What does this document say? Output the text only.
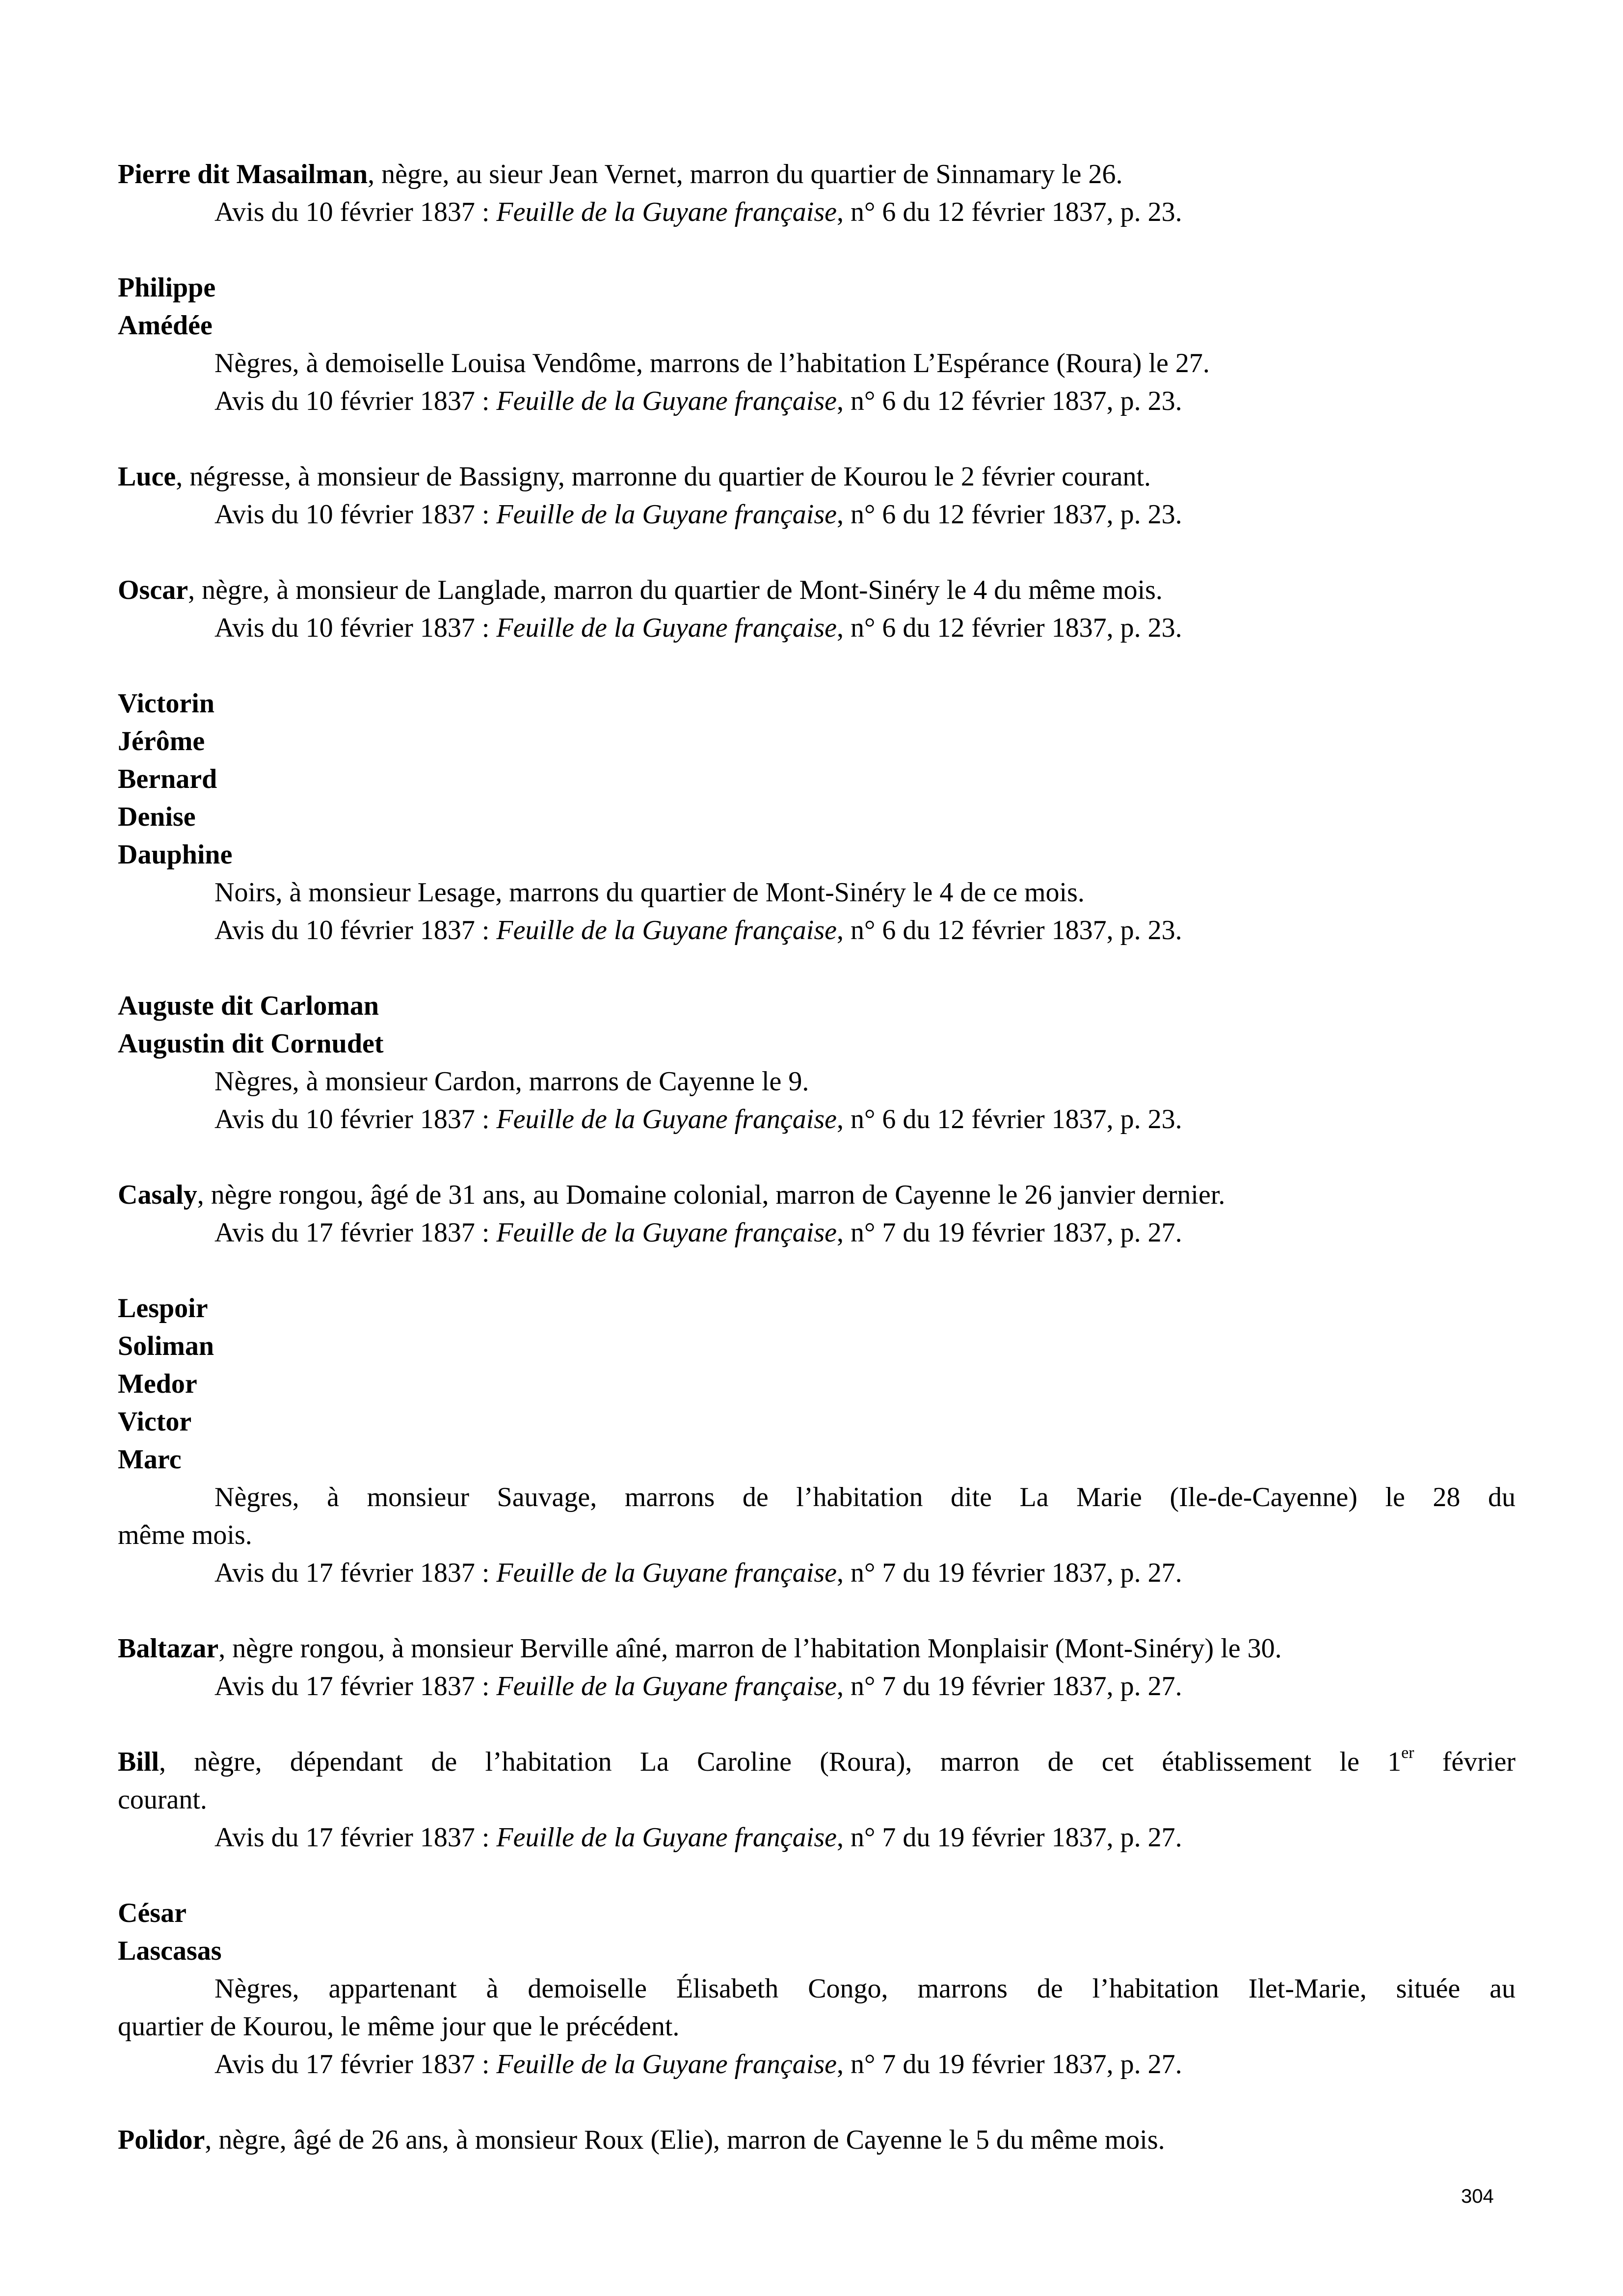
Pierre dit Masailman, nègre, au sieur Jean Vernet, marron du quartier de Sinnamary le 26.
Avis du 10 février 1837 : Feuille de la Guyane française, n° 6 du 12 février 1837, p. 23.
Philippe
Amédée
Nègres, à demoiselle Louisa Vendôme, marrons de l’habitation L’Espérance (Roura) le 27.
Avis du 10 février 1837 : Feuille de la Guyane française, n° 6 du 12 février 1837, p. 23.
Luce, négresse, à monsieur de Bassigny, marronne du quartier de Kourou le 2 février courant.
Avis du 10 février 1837 : Feuille de la Guyane française, n° 6 du 12 février 1837, p. 23.
Oscar, nègre, à monsieur de Langlade, marron du quartier de Mont-Sinéry le 4 du même mois.
Avis du 10 février 1837 : Feuille de la Guyane française, n° 6 du 12 février 1837, p. 23.
Victorin
Jérôme
Bernard
Denise
Dauphine
Noirs, à monsieur Lesage, marrons du quartier de Mont-Sinéry le 4 de ce mois.
Avis du 10 février 1837 : Feuille de la Guyane française, n° 6 du 12 février 1837, p. 23.
Auguste dit Carloman
Augustin dit Cornudet
Nègres, à monsieur Cardon, marrons de Cayenne le 9.
Avis du 10 février 1837 : Feuille de la Guyane française, n° 6 du 12 février 1837, p. 23.
Casaly, nègre rongou, âgé de 31 ans, au Domaine colonial, marron de Cayenne le 26 janvier dernier.
Avis du 17 février 1837 : Feuille de la Guyane française, n° 7 du 19 février 1837, p. 27.
Lespoir
Soliman
Medor
Victor
Marc
Nègres, à monsieur Sauvage, marrons de l’habitation dite La Marie (Ile-de-Cayenne) le 28 du
même mois.
Avis du 17 février 1837 : Feuille de la Guyane française, n° 7 du 19 février 1837, p. 27.
Baltazar, nègre rongou, à monsieur Berville aîné, marron de l’habitation Monplaisir (Mont-Sinéry) le 30.
Avis du 17 février 1837 : Feuille de la Guyane française, n° 7 du 19 février 1837, p. 27.
Bill, nègre, dépendant de l’habitation La Caroline (Roura), marron de cet établissement le 1er février
courant.
Avis du 17 février 1837 : Feuille de la Guyane française, n° 7 du 19 février 1837, p. 27.
César
Lascasas
Nègres, appartenant à demoiselle Élisabeth Congo, marrons de l’habitation Ilet-Marie, située au
quartier de Kourou, le même jour que le précédent.
Avis du 17 février 1837 : Feuille de la Guyane française, n° 7 du 19 février 1837, p. 27.
Polidor, nègre, âgé de 26 ans, à monsieur Roux (Elie), marron de Cayenne le 5 du même mois.
304
